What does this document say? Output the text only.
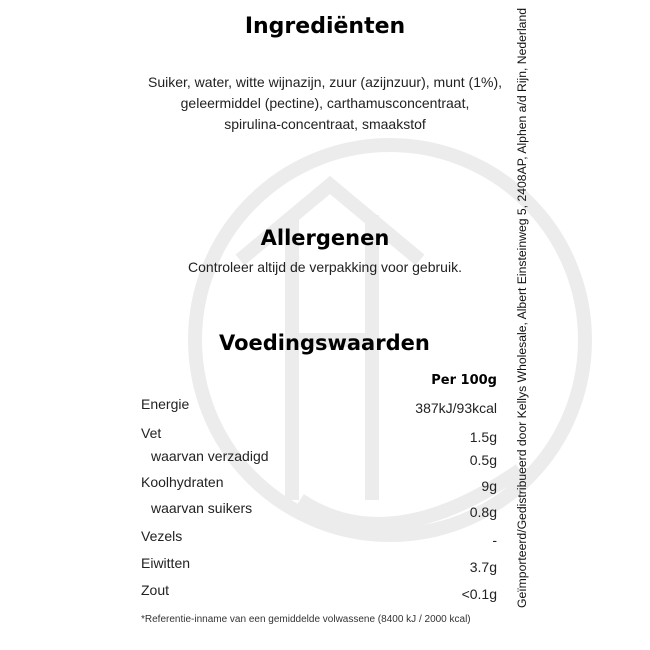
Ingrediënten
Suiker, water, witte wijnazijn, zuur (azijnzuur), munt (1%),
geleermiddel (pectine), carthamusconcentraat,
spirulina-concentraat, smaakstof
Allergenen
Controleer altijd de verpakking voor gebruik.
Voedingswaarden
Per 100g
Energie	387kJ/93kcal
Vet	1.5g
waarvan verzadigd	0.5g
Koolhydraten	9g
waarvan suikers	0.8g
Vezels	-
Eiwitten	3.7g
Zout	<0.1g
*Referentie-inname van een gemiddelde volwassene (8400 kJ / 2000 kcal)
Geïmporteerd/Gedistribueerd door Kellys Wholesale, Albert Einsteinweg 5, 2408AP, Alphen a/d Rijn, Nederland
